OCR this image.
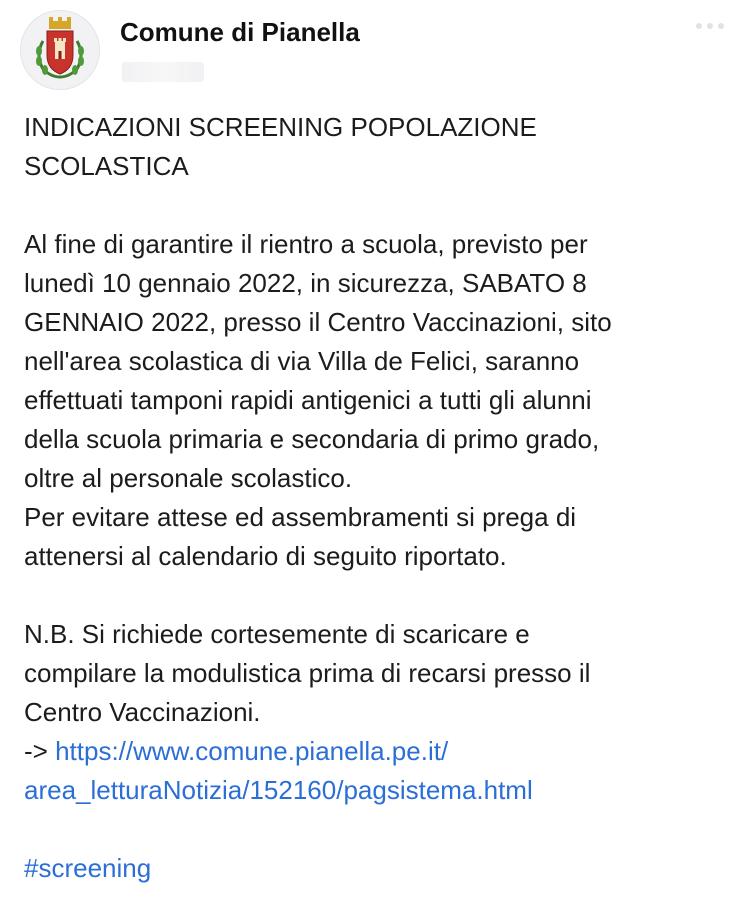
Comune di Pianella

INDICAZIONI SCREENING POPOLAZIONE

SCOLASTICA

Al fine di garantire il rientro a scuola, previsto per

lunedì 10 gennaio 2022, in sicurezza, SABATO 8

GENNAIO 2022, presso il Centro Vaccinazioni, sito

nell'area scolastica di via Villa de Felici, saranno

effettuati tamponi rapidi antigenici a tutti gli alunni

della scuola primaria e secondaria di primo grado,

oltre al personale scolastico.

Per evitare attese ed assembramenti si prega di

attenersi al calendario di seguito riportato.

N.B. Si richiede cortesemente di scaricare e

compilare la modulistica prima di recarsi presso il

Centro Vaccinazioni.

-> https://www.comune.pianella.pe.it/

area_letturaNotizia/152160/pagsistema.html

#screening
